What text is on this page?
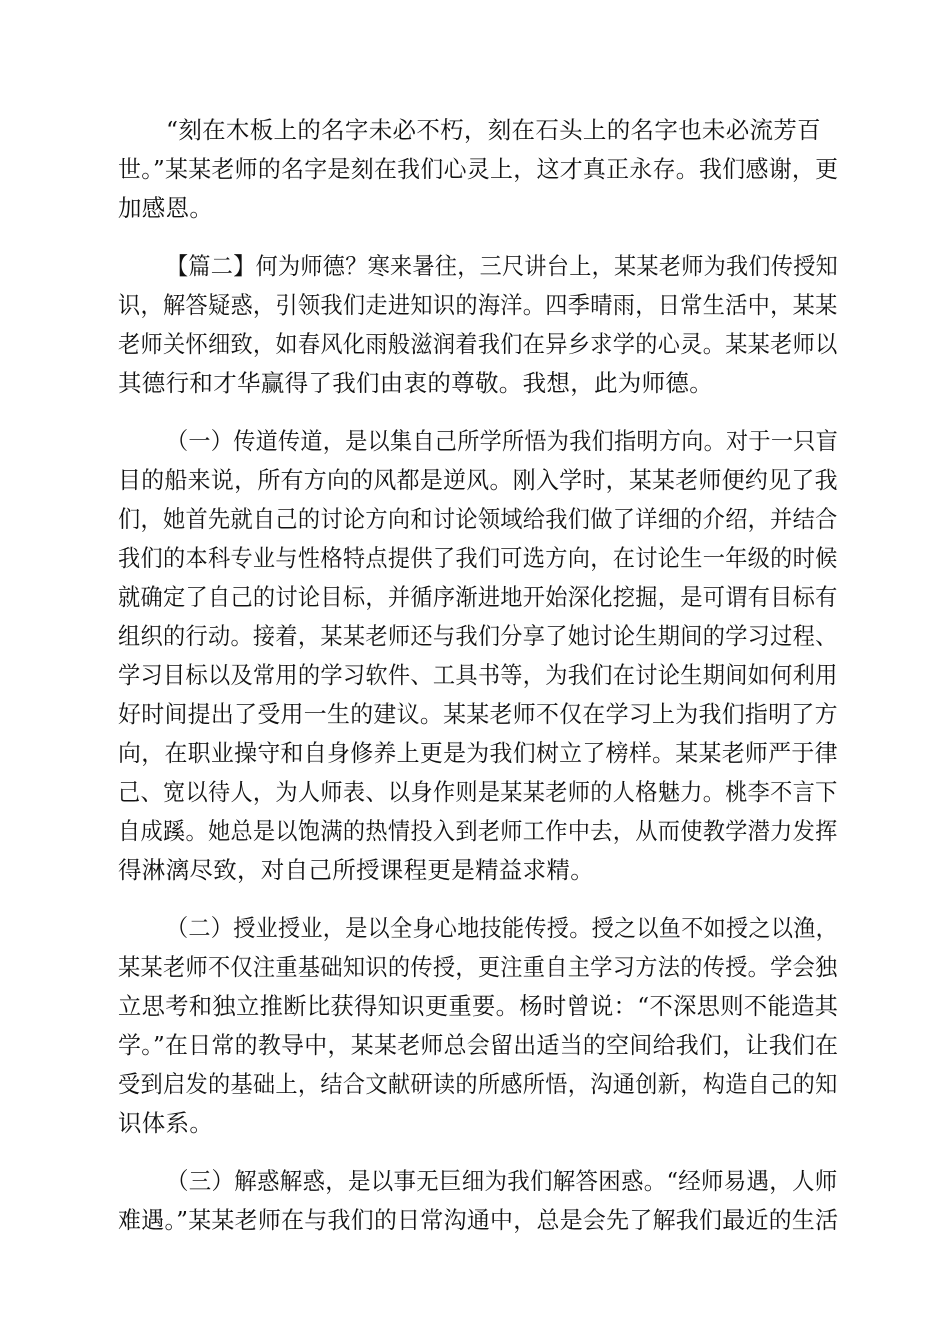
“刻在木板上的名字未必不朽，刻在石头上的名字也未必流芳百
世。”某某老师的名字是刻在我们心灵上，这才真正永存。我们感谢，更
加感恩。
【篇二】何为师德？寒来暑往，三尺讲台上，某某老师为我们传授知
识，解答疑惑，引领我们走进知识的海洋。四季晴雨，日常生活中，某某
老师关怀细致，如春风化雨般滋润着我们在异乡求学的心灵。某某老师以
其德行和才华赢得了我们由衷的尊敬。我想，此为师德。
（一）传道传道，是以集自己所学所悟为我们指明方向。对于一只盲
目的船来说，所有方向的风都是逆风。刚入学时，某某老师便约见了我
们，她首先就自己的讨论方向和讨论领域给我们做了详细的介绍，并结合
我们的本科专业与性格特点提供了我们可选方向，在讨论生一年级的时候
就确定了自己的讨论目标，并循序渐进地开始深化挖掘，是可谓有目标有
组织的行动。接着，某某老师还与我们分享了她讨论生期间的学习过程、
学习目标以及常用的学习软件、工具书等，为我们在讨论生期间如何利用
好时间提出了受用一生的建议。某某老师不仅在学习上为我们指明了方
向，在职业操守和自身修养上更是为我们树立了榜样。某某老师严于律
己、宽以待人，为人师表、以身作则是某某老师的人格魅力。桃李不言下
自成蹊。她总是以饱满的热情投入到老师工作中去，从而使教学潜力发挥
得淋漓尽致，对自己所授课程更是精益求精。
（二）授业授业，是以全身心地技能传授。授之以鱼不如授之以渔，
某某老师不仅注重基础知识的传授，更注重自主学习方法的传授。学会独
立思考和独立推断比获得知识更重要。杨时曾说：“不深思则不能造其
学。”在日常的教导中，某某老师总会留出适当的空间给我们，让我们在
受到启发的基础上，结合文献研读的所感所悟，沟通创新，构造自己的知
识体系。
（三）解惑解惑，是以事无巨细为我们解答困惑。“经师易遇，人师
难遇。”某某老师在与我们的日常沟通中，总是会先了解我们最近的生活
